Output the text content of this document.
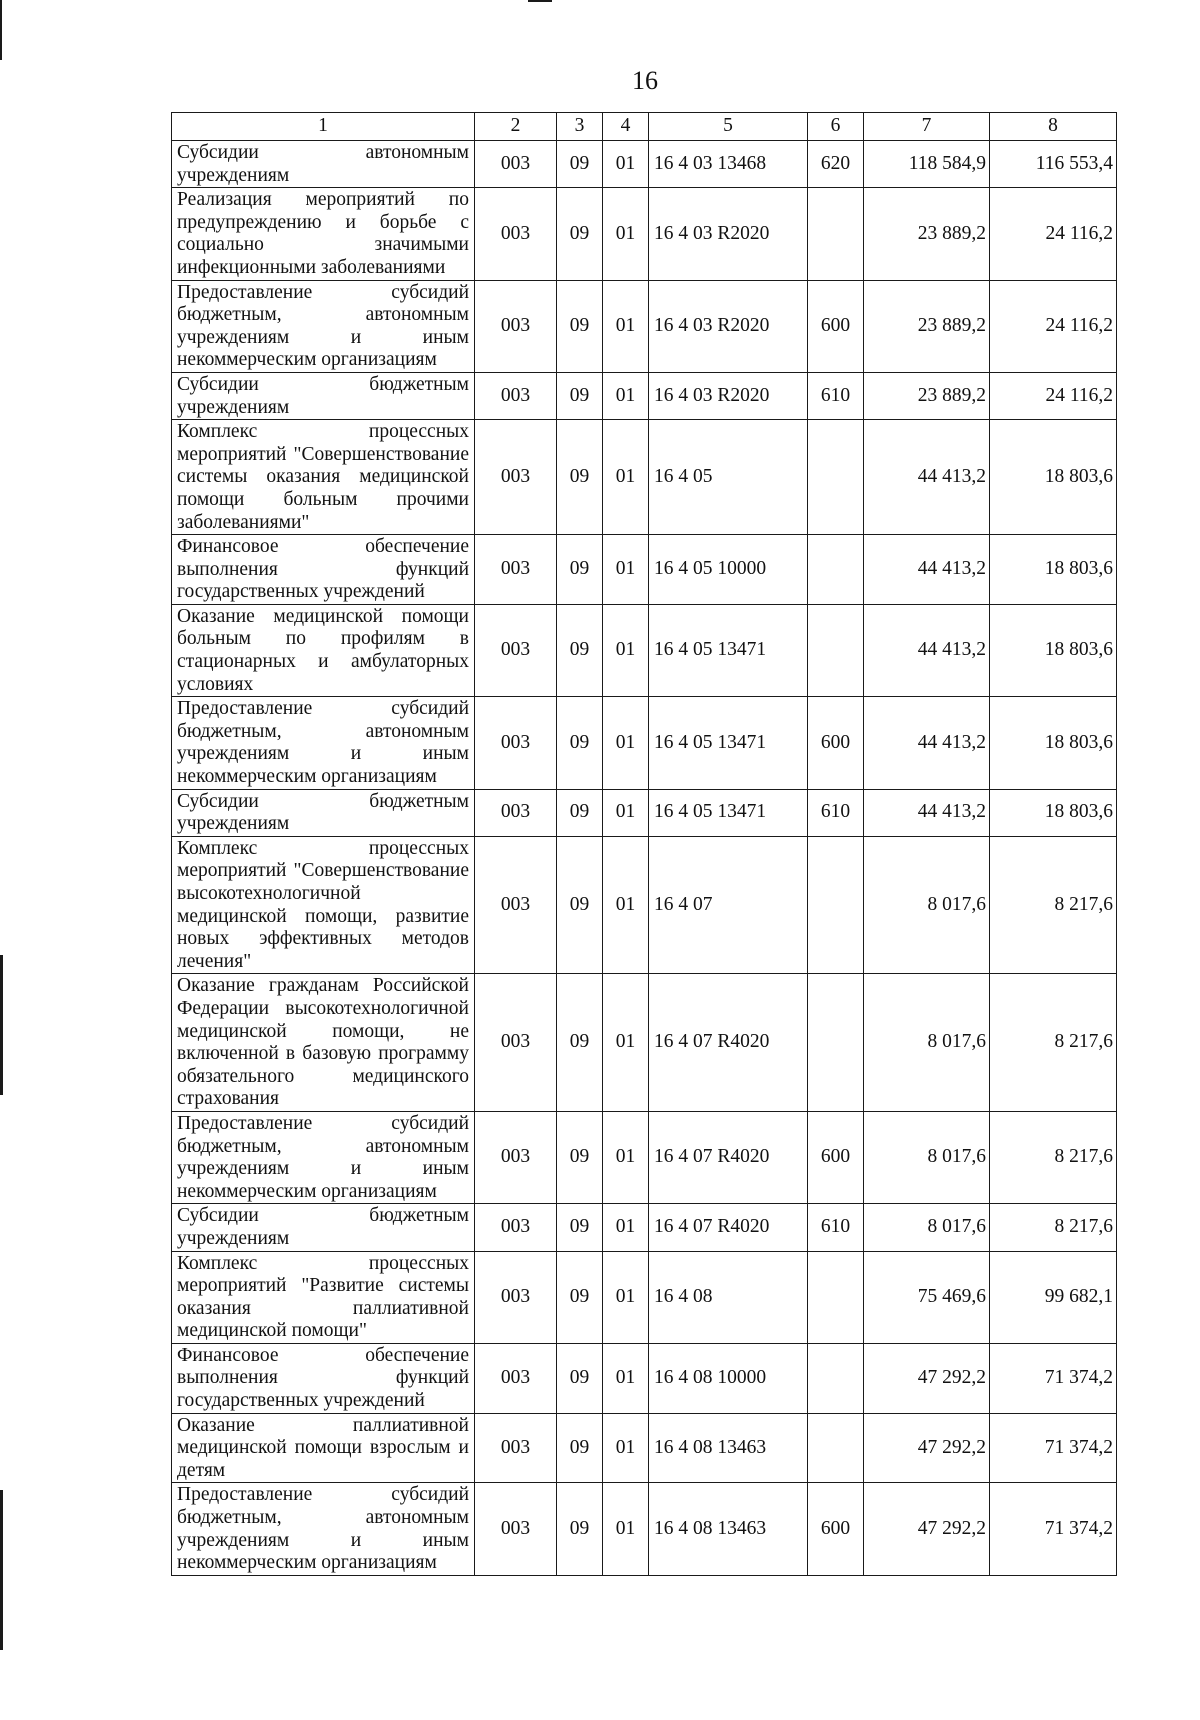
16
1	2	3	4	5	6	7	8
Субсидии автономным учреждениям	003	09	01	16 4 03 13468	620	118 584,9	116 553,4
Реализация мероприятий по предупреждению и борьбе с социально значимыми инфекционными заболеваниями	003	09	01	16 4 03 R2020		23 889,2	24 116,2
Предоставление субсидий бюджетным, автономным учреждениям и иным некоммерческим организациям	003	09	01	16 4 03 R2020	600	23 889,2	24 116,2
Субсидии бюджетным учреждениям	003	09	01	16 4 03 R2020	610	23 889,2	24 116,2
Комплекс процессных мероприятий "Совершенствование системы оказания медицинской помощи больным прочими заболеваниями"	003	09	01	16 4 05		44 413,2	18 803,6
Финансовое обеспечение выполнения функций государственных учреждений	003	09	01	16 4 05 10000		44 413,2	18 803,6
Оказание медицинской помощи больным по профилям в стационарных и амбулаторных условиях	003	09	01	16 4 05 13471		44 413,2	18 803,6
Предоставление субсидий бюджетным, автономным учреждениям и иным некоммерческим организациям	003	09	01	16 4 05 13471	600	44 413,2	18 803,6
Субсидии бюджетным учреждениям	003	09	01	16 4 05 13471	610	44 413,2	18 803,6
Комплекс процессных мероприятий "Совершенствование высокотехнологичной медицинской помощи, развитие новых эффективных методов лечения"	003	09	01	16 4 07		8 017,6	8 217,6
Оказание гражданам Российской Федерации высокотехнологичной медицинской помощи, не включенной в базовую программу обязательного медицинского страхования	003	09	01	16 4 07 R4020		8 017,6	8 217,6
Предоставление субсидий бюджетным, автономным учреждениям и иным некоммерческим организациям	003	09	01	16 4 07 R4020	600	8 017,6	8 217,6
Субсидии бюджетным учреждениям	003	09	01	16 4 07 R4020	610	8 017,6	8 217,6
Комплекс процессных мероприятий "Развитие системы оказания паллиативной медицинской помощи"	003	09	01	16 4 08		75 469,6	99 682,1
Финансовое обеспечение выполнения функций государственных учреждений	003	09	01	16 4 08 10000		47 292,2	71 374,2
Оказание паллиативной медицинской помощи взрослым и детям	003	09	01	16 4 08 13463		47 292,2	71 374,2
Предоставление субсидий бюджетным, автономным учреждениям и иным некоммерческим организациям	003	09	01	16 4 08 13463	600	47 292,2	71 374,2
